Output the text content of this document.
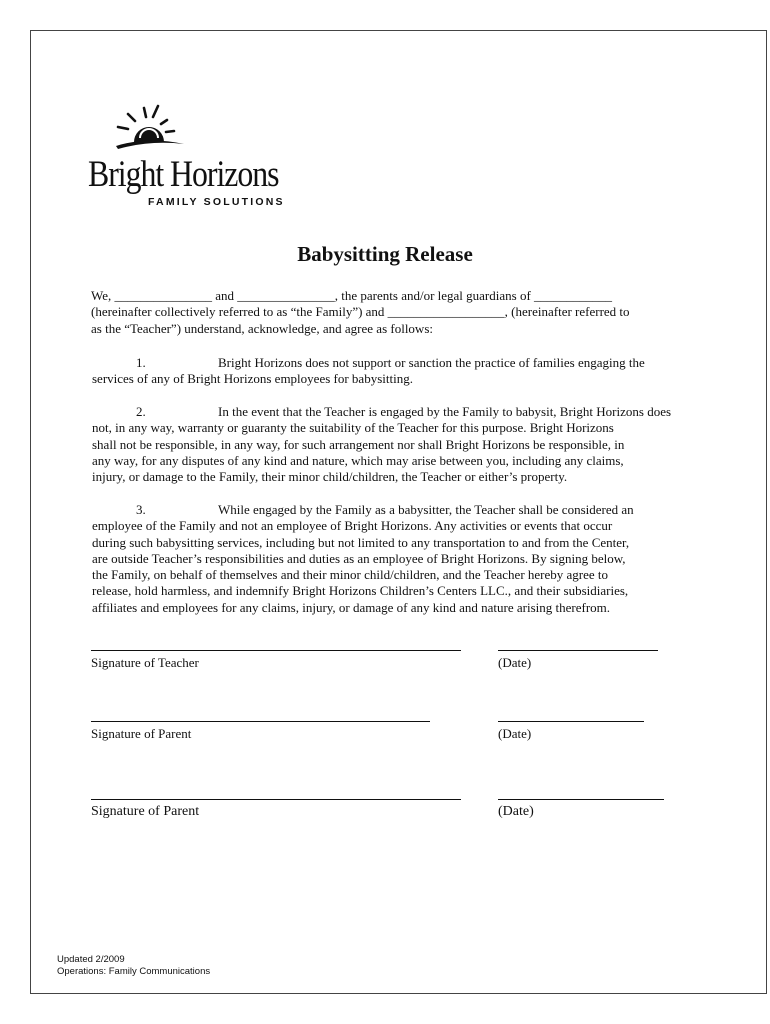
Bright Horizons
FAMILY SOLUTIONS
Babysitting Release
We, _______________ and _______________, the parents and/or legal guardians of ____________
(hereinafter collectively referred to as “the Family”) and __________________, (hereinafter referred to
as the “Teacher”) understand, acknowledge, and agree as follows:
1.	Bright Horizons does not support or sanction the practice of families engaging the
services of any of Bright Horizons employees for babysitting.
2.	In the event that the Teacher is engaged by the Family to babysit, Bright Horizons does
not, in any way, warranty or guaranty the suitability of the Teacher for this purpose. Bright Horizons
shall not be responsible, in any way, for such arrangement nor shall Bright Horizons be responsible, in
any way, for any disputes of any kind and nature, which may arise between you, including any claims,
injury, or damage to the Family, their minor child/children, the Teacher or either’s property.
3.	While engaged by the Family as a babysitter, the Teacher shall be considered an
employee of the Family and not an employee of Bright Horizons. Any activities or events that occur
during such babysitting services, including but not limited to any transportation to and from the Center,
are outside Teacher’s responsibilities and duties as an employee of Bright Horizons. By signing below,
the Family, on behalf of themselves and their minor child/children, and the Teacher hereby agree to
release, hold harmless, and indemnify Bright Horizons Children’s Centers LLC., and their subsidiaries,
affiliates and employees for any claims, injury, or damage of any kind and nature arising therefrom.
Signature of Teacher	(Date)
Signature of Parent	(Date)
Signature of Parent	(Date)
Updated 2/2009
Operations: Family Communications
